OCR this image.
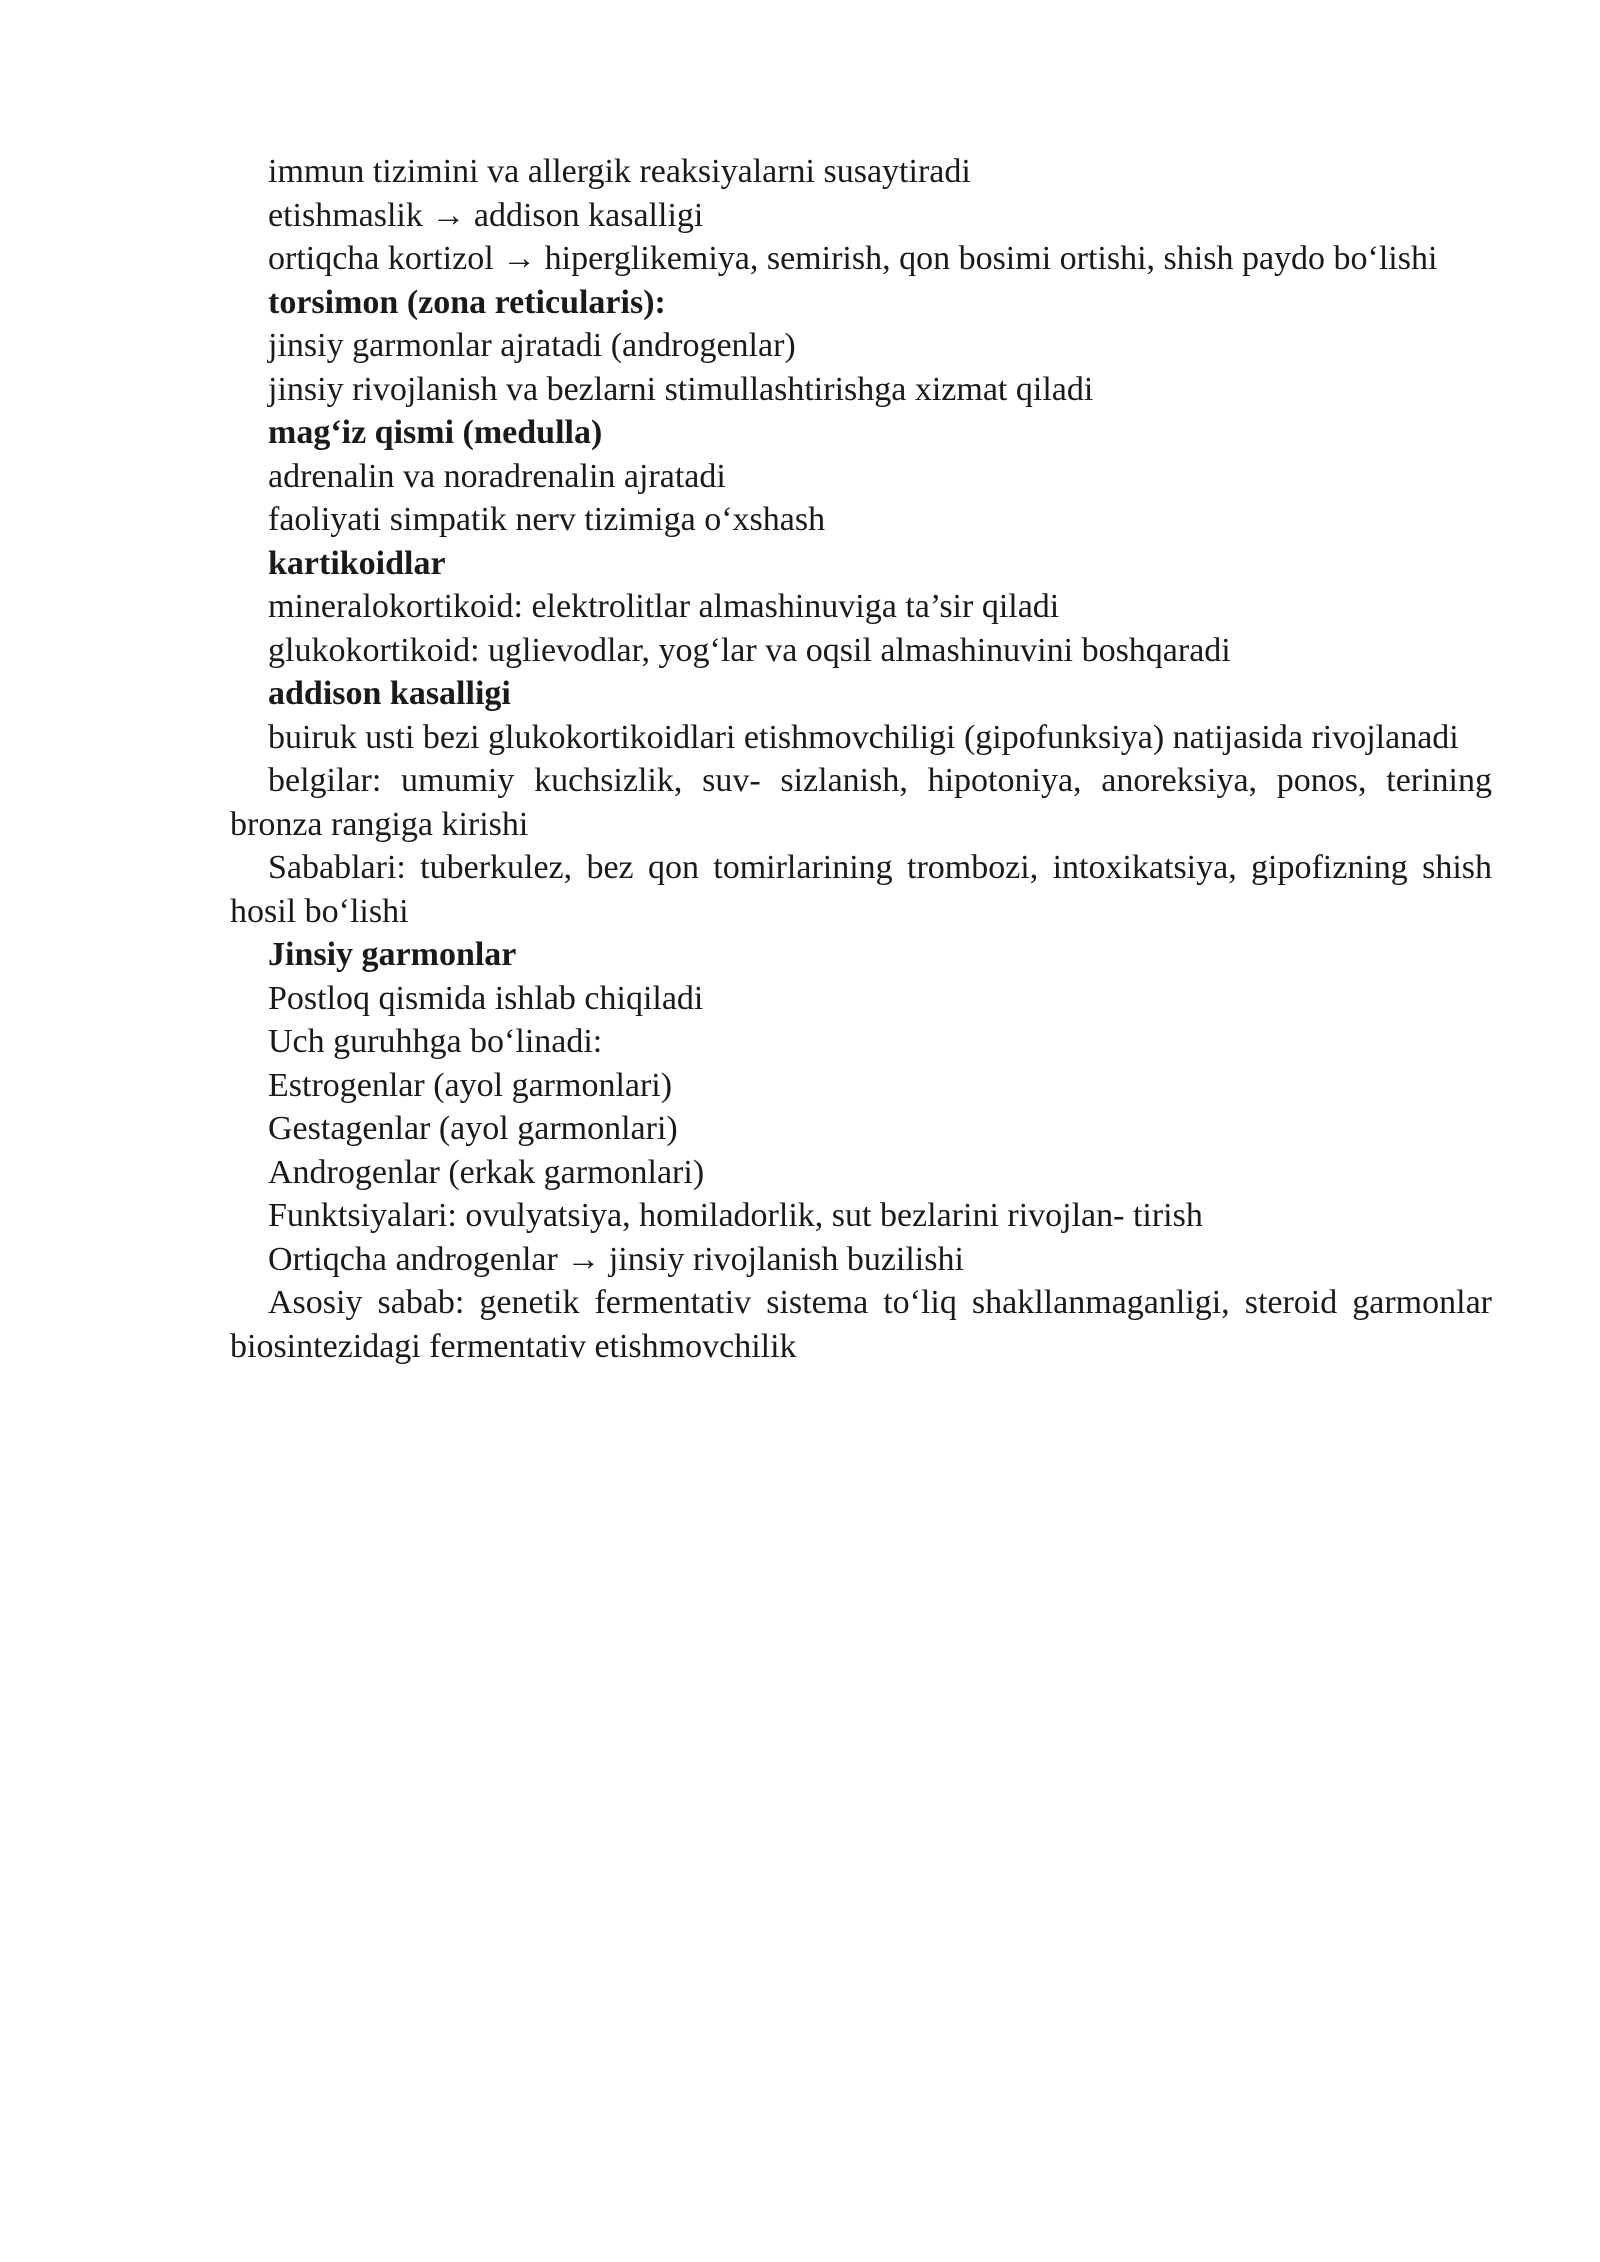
immun tizimini va allergik reaksiyalarni susaytiradi

etishmaslik → addison kasalligi

ortiqcha kortizol → hiperglikemiya, semirish, qon bosimi ortishi, shish paydo bo‘lishi

torsimon (zona reticularis):

jinsiy garmonlar ajratadi (androgenlar)

jinsiy rivojlanish va bezlarni stimullashtirishga xizmat qiladi

mag‘iz qismi (medulla)

adrenalin va noradrenalin ajratadi

faoliyati simpatik nerv tizimiga o‘xshash

kartikoidlar

mineralokortikoid: elektrolitlar almashinuviga ta’sir qiladi

glukokortikoid: uglievodlar, yog‘lar va oqsil almashinuvini boshqaradi

addison kasalligi

buiruk usti bezi glukokortikoidlari etishmovchiligi (gipofunksiya) natijasida rivojlanadi

belgilar: umumiy kuchsizlik, suv- sizlanish, hipotoniya, anoreksiya, ponos, terining bronza rangiga kirishi

Sabablari: tuberkulez, bez qon tomirlarining trombozi, intoxikatsiya, gipofizning shish hosil bo‘lishi

Jinsiy garmonlar

Postloq qismida ishlab chiqiladi

Uch guruhhga bo‘linadi:

Estrogenlar (ayol garmonlari)

Gestagenlar (ayol garmonlari)

Androgenlar (erkak garmonlari)

Funktsiyalari: ovulyatsiya, homiladorlik, sut bezlarini rivojlan- tirish

Ortiqcha androgenlar → jinsiy rivojlanish buzilishi

Asosiy sabab: genetik fermentativ sistema to‘liq shakllanmaganligi, steroid garmonlar biosintezidagi fermentativ etishmovchilik
